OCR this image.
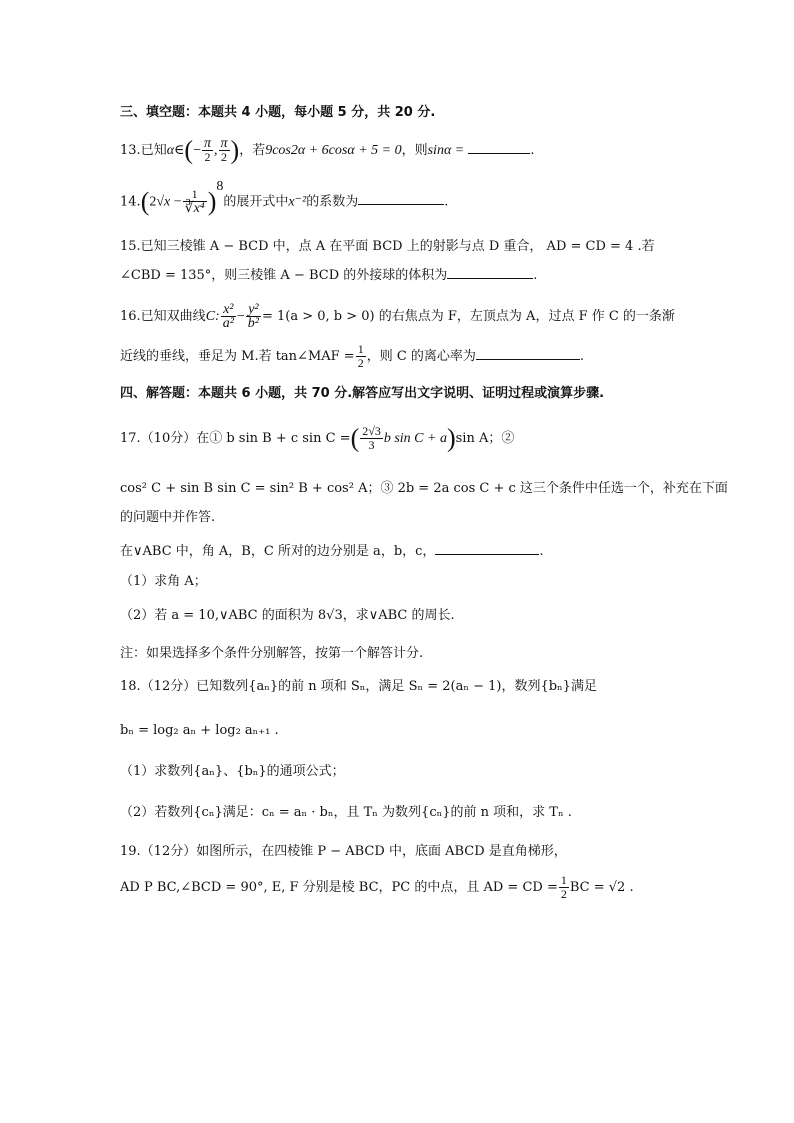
三、填空题：本题共 4 小题，每小题 5 分，共 20 分.
13.已知α∈(− $\frac{\pi}{2}$ , $\frac{\pi}{2}$ )，若9cos2α + 6cosα + 5 = 0，则sinα =	.
$14.(2√x - \frac{1}{\text{∛x⁴}} )^8$的展开式中x⁻²的系数为	.
15.已知三棱锥 A − BCD 中，点 A 在平面 BCD 上的射影与点 D 重合， AD = CD = 4 .若
∠CBD = 135°，则三棱锥 A − BCD 的外接球的体积为	.
16.已知双曲线C: $\frac{\text{x²}}{\text{a²}} - \frac{\text{y²}}{\text{b²}} = 1(a > 0$, b > 0) 的右焦点为 F，左顶点为 A，过点 F 作 C 的一条渐
近线的垂线，垂足为 M.若 tan∠MAF = $\frac{1}{2}$ ，则 C 的离心率为	.
四、解答题：本题共 6 小题，共 70 分.解答应写出文字说明、证明过程或演算步骤.
17.（10分）在① b sin B + c sin C =( $\frac{2√3}{3}$ b sin C + a)sin A；②
cos² C + sin B sin C = sin² B + cos² A；③ 2b = 2a cos C + c 这三个条件中任选一个，补充在下面
的问题中并作答.
在∨ABC 中，角 A，B，C 所对的边分别是 a，b，c，	.
（1）求角 A；
（2）若 a = 10,∨ABC 的面积为 8√3，求∨ABC 的周长.
注：如果选择多个条件分别解答，按第一个解答计分.
18.（12分）已知数列{aₙ}的前 n 项和 Sₙ，满足 Sₙ = 2(aₙ − 1)，数列{bₙ}满足
bₙ = log₂ aₙ + log₂ aₙ₊₁ .
（1）求数列{aₙ}、{bₙ}的通项公式；
（2）若数列{cₙ}满足：cₙ = aₙ · bₙ，且 Tₙ 为数列{cₙ}的前 n 项和，求 Tₙ .
19.（12分）如图所示，在四棱锥 P − ABCD 中，底面 ABCD 是直角梯形，
AD P BC,∠BCD = 90°, E, F 分别是棱 BC，PC 的中点，且 AD = CD = $\frac{1}{2}$ BC = √2 .
